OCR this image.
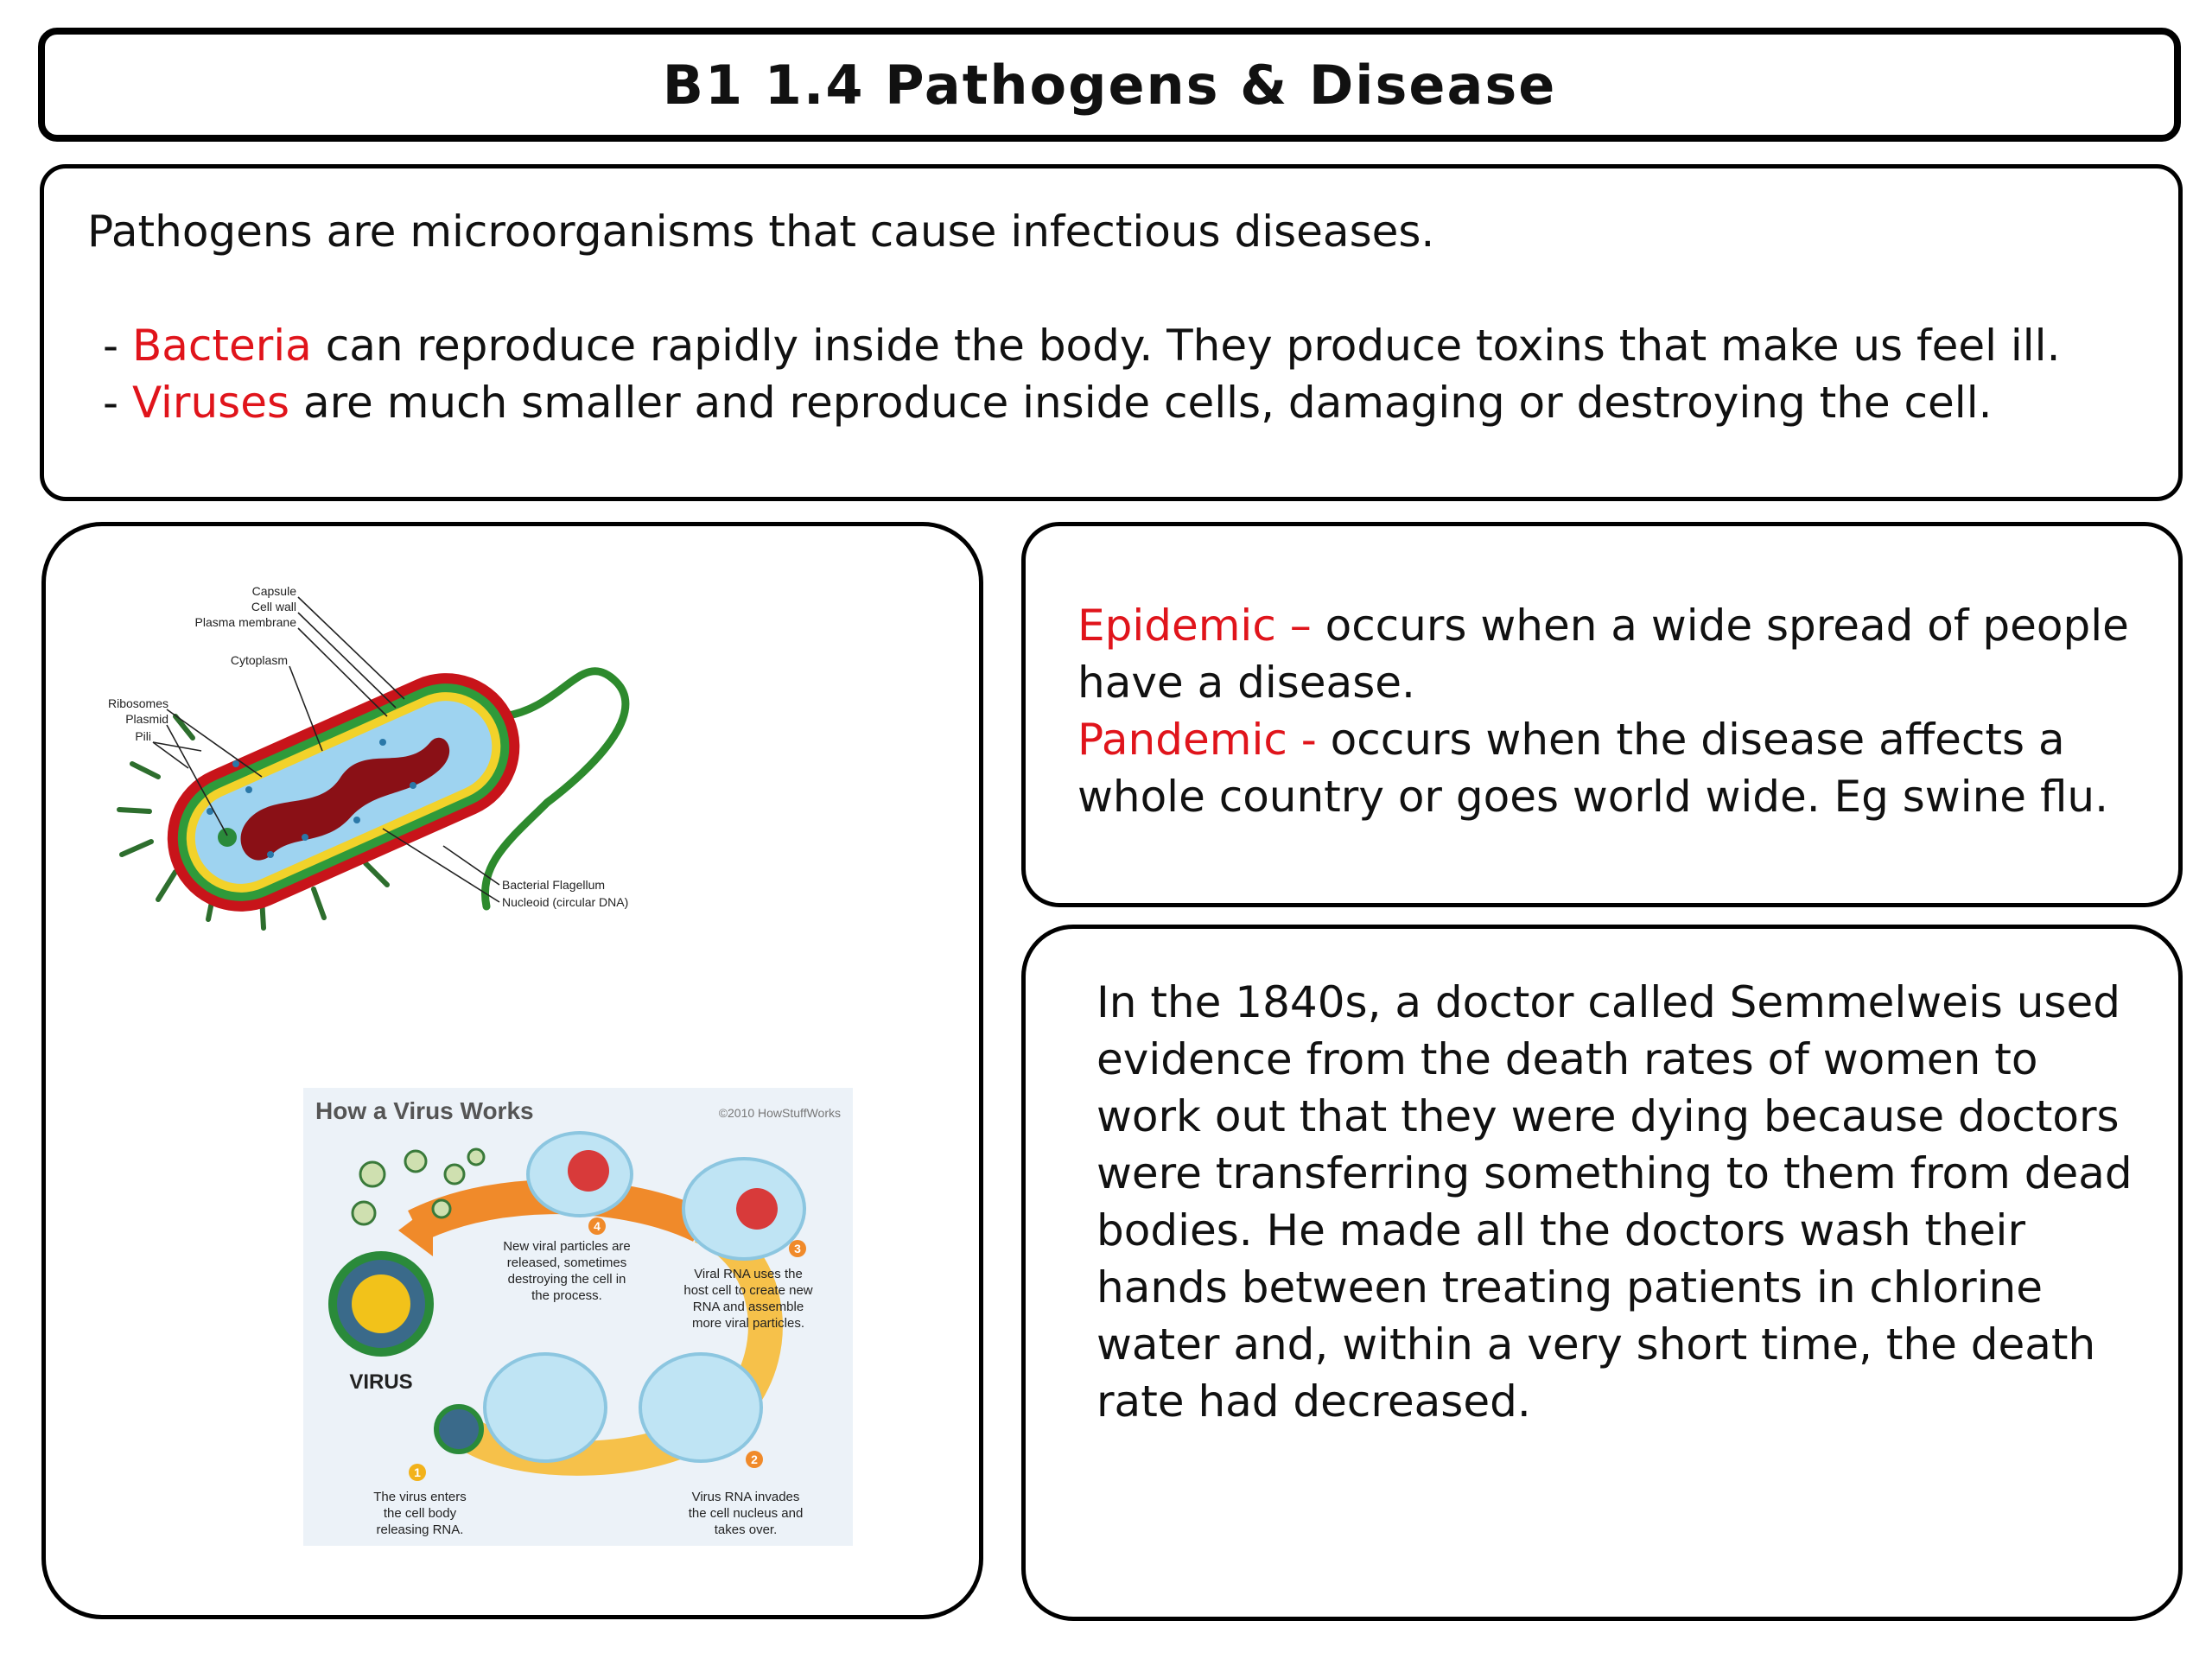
B1 1.4 Pathogens & Disease

Pathogens are microorganisms that cause infectious diseases.

- Bacteria can reproduce rapidly inside the body. They produce toxins that make us feel ill.

- Viruses are much smaller and reproduce inside cells, damaging or destroying the cell.

Capsule
Cell wall
Plasma membrane
Cytoplasm
Ribosomes
Plasmid
Pili
Bacterial Flagellum
Nucleoid (circular DNA)
How a Virus Works	©2010 HowStuffWorks
VIRUS
1
2
3
4
The virus enters
the cell body
releasing RNA.
Virus RNA invades
the cell nucleus and
takes over.
Viral RNA uses the
host cell to create new
RNA and assemble
more viral particles.
New viral particles are
released, sometimes
destroying the cell in
the process.

Epidemic – occurs when a wide spread of people have a disease.

Pandemic - occurs when the disease affects a whole country or goes world wide. Eg swine flu.

In the 1840s, a doctor called Semmelweis used evidence from the death rates of women to work out that they were dying because doctors were transferring something to them from dead bodies. He made all the doctors wash their hands between treating patients in chlorine water and, within a very short time, the death rate had decreased.
